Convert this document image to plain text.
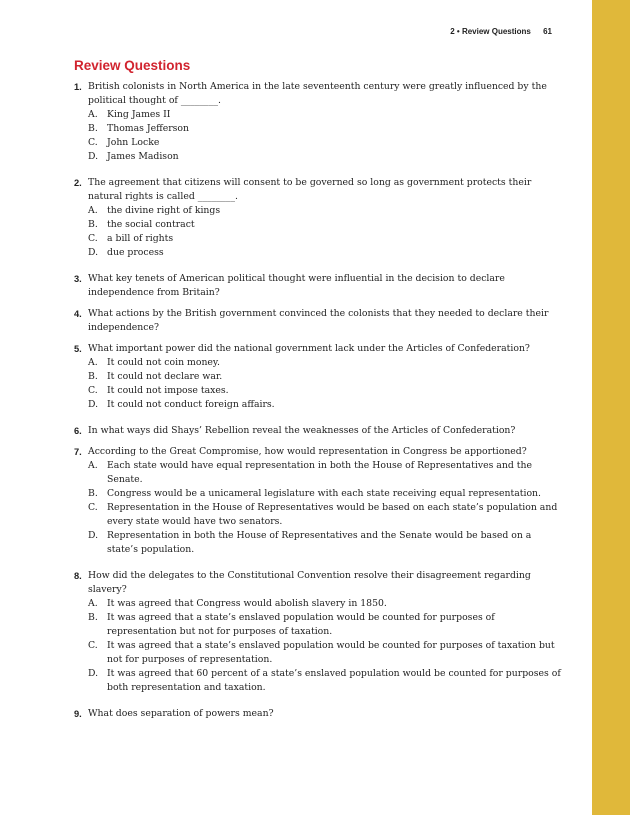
2 • Review Questions 61
Review Questions
1. British colonists in North America in the late seventeenth century were greatly influenced by the political thought of ________.
A.	King James II
B. Thomas Jefferson
C. John Locke
D. James Madison
2. The agreement that citizens will consent to be governed so long as government protects their natural rights is called ________.
A.	the divine right of kings
B. the social contract
C. a bill of rights
D. due process
3. What key tenets of American political thought were influential in the decision to declare independence from Britain?
4. What actions by the British government convinced the colonists that they needed to declare their independence?
5. What important power did the national government lack under the Articles of Confederation?
A.	It could not coin money.
B. It could not declare war.
C. It could not impose taxes.
D. It could not conduct foreign affairs.
6. In what ways did Shays’ Rebellion reveal the weaknesses of the Articles of Confederation?
7. According to the Great Compromise, how would representation in Congress be apportioned?
A.	Each state would have equal representation in both the House of Representatives and the Senate.
B. Congress would be a unicameral legislature with each state receiving equal representation.
C. Representation in the House of Representatives would be based on each state’s population and every state would have two senators.
D. Representation in both the House of Representatives and the Senate would be based on a state’s population.
8. How did the delegates to the Constitutional Convention resolve their disagreement regarding slavery?
A.	It was agreed that Congress would abolish slavery in 1850.
B. It was agreed that a state’s enslaved population would be counted for purposes of representation but not for purposes of taxation.
C. It was agreed that a state’s enslaved population would be counted for purposes of taxation but not for purposes of representation.
D. It was agreed that 60 percent of a state’s enslaved population would be counted for purposes of both representation and taxation.
9. What does separation of powers mean?
